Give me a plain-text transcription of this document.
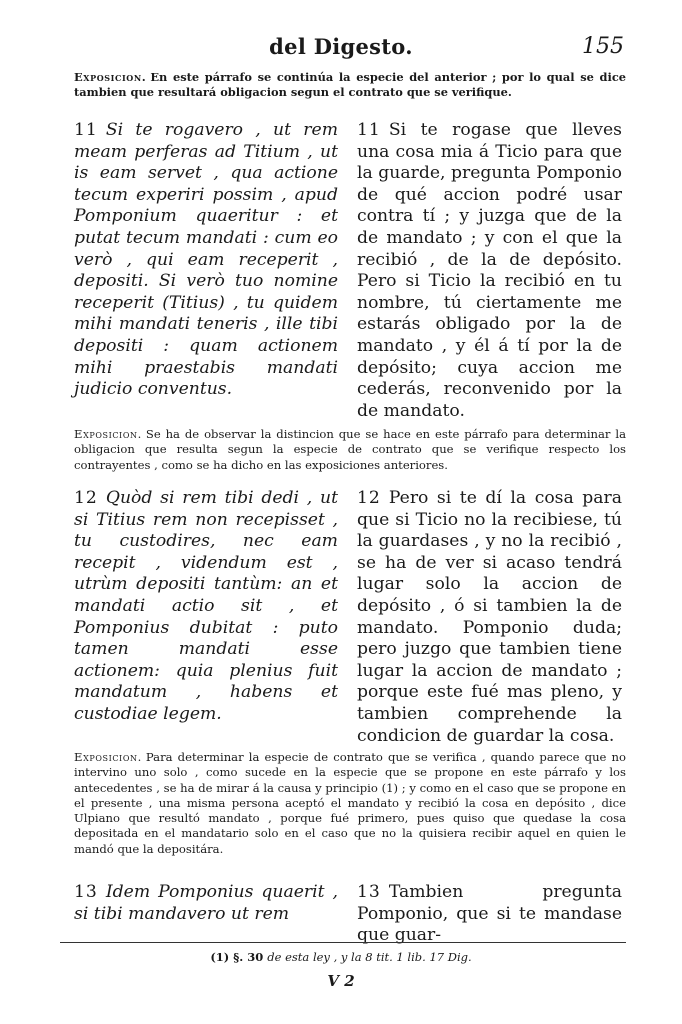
del Digesto.	155
Exposicion. En este párrafo se continúa la especie del anterior ; por lo qual se dice tambien que resultará obligacion segun el contrato que se verifique.
11 Si te rogavero , ut rem meam perferas ad Titium , ut is eam servet , qua actione tecum experiri possim , apud Pomponium quaeritur : et putat tecum mandati : cum eo verò , qui eam receperit , depositi. Si verò tuo nomine receperit (Titius) , tu quidem mihi mandati teneris , ille tibi depositi : quam actionem mihi praestabis mandati judicio conventus.
11 Si te rogase que lleves una cosa mia á Ticio para que la guarde, pregunta Pomponio de qué accion podré usar contra tí ; y juzga que de la de mandato ; y con el que la recibió , de la de depósito. Pero si Ticio la recibió en tu nombre, tú ciertamente me estarás obligado por la de mandato , y él á tí por la de depósito; cuya accion me cederás, reconvenido por la de mandato.
Exposicion. Se ha de observar la distincion que se hace en este párrafo para determinar la obligacion que resulta segun la especie de contrato que se verifique respecto los contrayentes , como se ha dicho en las exposiciones anteriores.
12 Quòd si rem tibi dedi , ut si Titius rem non recepisset , tu custodires, nec eam recepit , videndum est , utrùm depositi tantùm: an et mandati actio sit , et Pomponius dubitat : puto tamen mandati esse actionem: quia plenius fuit mandatum , habens et custodiae legem.
12 Pero si te dí la cosa para que si Ticio no la recibiese, tú la guardases , y no la recibió , se ha de ver si acaso tendrá lugar solo la accion de depósito , ó si tambien la de mandato. Pomponio duda; pero juzgo que tambien tiene lugar la accion de mandato ; porque este fué mas pleno, y tambien comprehende la condicion de guardar la cosa.
Exposicion. Para determinar la especie de contrato que se verifica , quando parece que no intervino uno solo , como sucede en la especie que se propone en este párrafo y los antecedentes , se ha de mirar á la causa y principio (1) ; y como en el caso que se propone en el presente , una misma persona aceptó el mandato y recibió la cosa en depósito , dice Ulpiano que resultó mandato , porque fué primero, pues quiso que quedase la cosa depositada en el mandatario solo en el caso que no la quisiera recibir aquel en quien le mandó que la depositára.
13 Idem Pomponius quaerit , si tibi mandavero ut rem
13 Tambien pregunta Pomponio, que si te mandase que guar-
(1) §. 30 de esta ley , y la 8 tit. 1 lib. 17 Dig.
V 2
